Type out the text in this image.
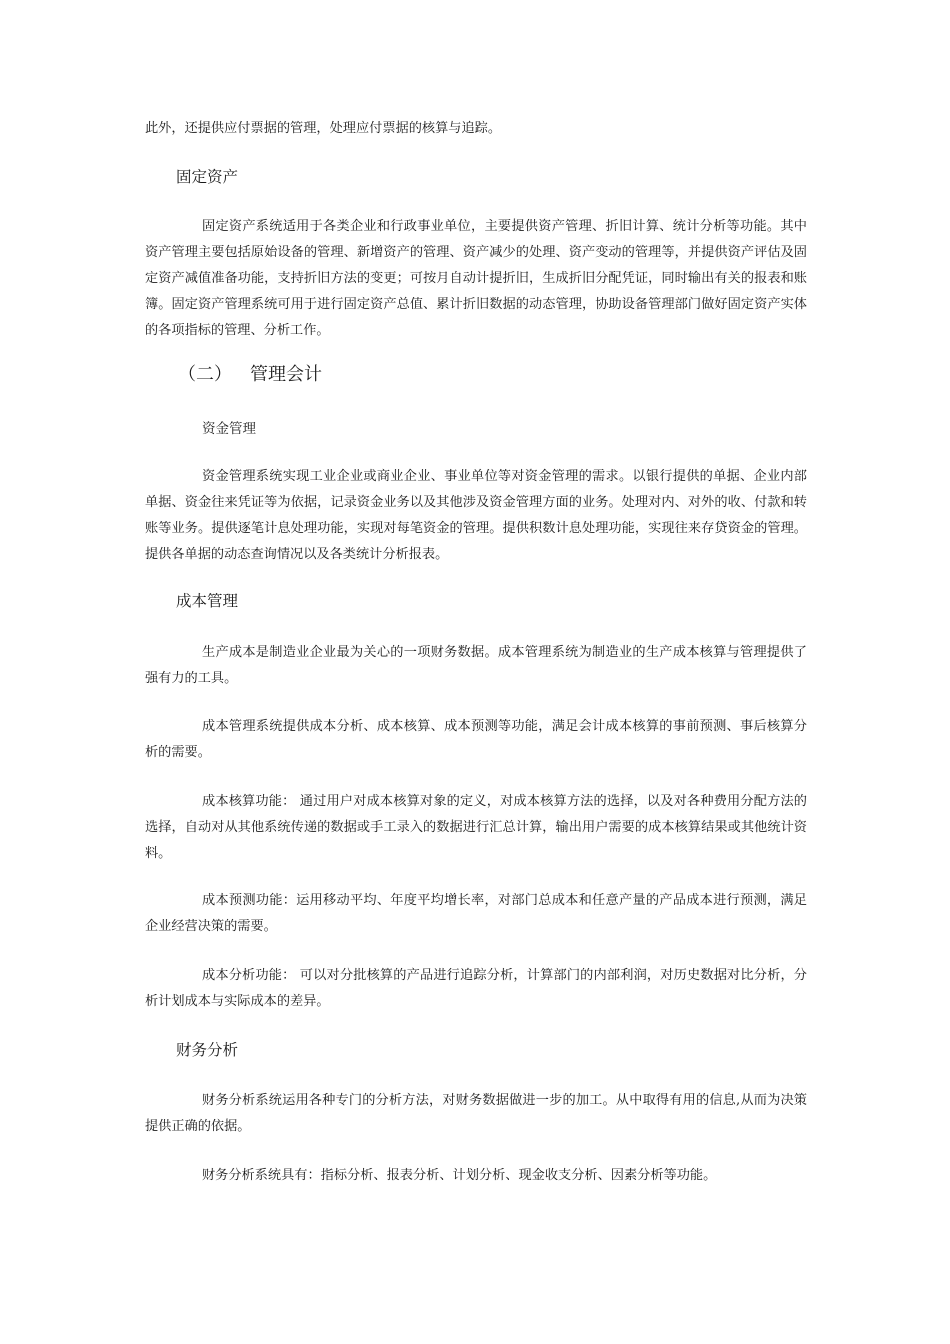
此外，还提供应付票据的管理，处理应付票据的核算与追踪。

固定资产

固定资产系统适用于各类企业和行政事业单位，主要提供资产管理、折旧计算、统计分析等功能。其中资产管理主要包括原始设备的管理、新增资产的管理、资产减少的处理、资产变动的管理等，并提供资产评估及固定资产减值准备功能，支持折旧方法的变更；可按月自动计提折旧，生成折旧分配凭证，同时输出有关的报表和账簿。固定资产管理系统可用于进行固定资产总值、累计折旧数据的动态管理，协助设备管理部门做好固定资产实体的各项指标的管理、分析工作。

（二） 管理会计
资金管理

资金管理系统实现工业企业或商业企业、事业单位等对资金管理的需求。以银行提供的单据、企业内部单据、资金往来凭证等为依据，记录资金业务以及其他涉及资金管理方面的业务。处理对内、对外的收、付款和转账等业务。提供逐笔计息处理功能，实现对每笔资金的管理。提供积数计息处理功能，实现往来存贷资金的管理。提供各单据的动态查询情况以及各类统计分析报表。

成本管理

生产成本是制造业企业最为关心的一项财务数据。成本管理系统为制造业的生产成本核算与管理提供了强有力的工具。

成本管理系统提供成本分析、成本核算、成本预测等功能，满足会计成本核算的事前预测、事后核算分析的需要。

成本核算功能： 通过用户对成本核算对象的定义，对成本核算方法的选择，以及对各种费用分配方法的选择，自动对从其他系统传递的数据或手工录入的数据进行汇总计算，输出用户需要的成本核算结果或其他统计资料。

成本预测功能：运用移动平均、年度平均增长率，对部门总成本和任意产量的产品成本进行预测，满足企业经营决策的需要。

成本分析功能： 可以对分批核算的产品进行追踪分析，计算部门的内部利润，对历史数据对比分析，分析计划成本与实际成本的差异。

财务分析

财务分析系统运用各种专门的分析方法，对财务数据做进一步的加工。从中取得有用的信息,从而为决策提供正确的依据。

财务分析系统具有：指标分析、报表分析、计划分析、现金收支分析、因素分析等功能。
